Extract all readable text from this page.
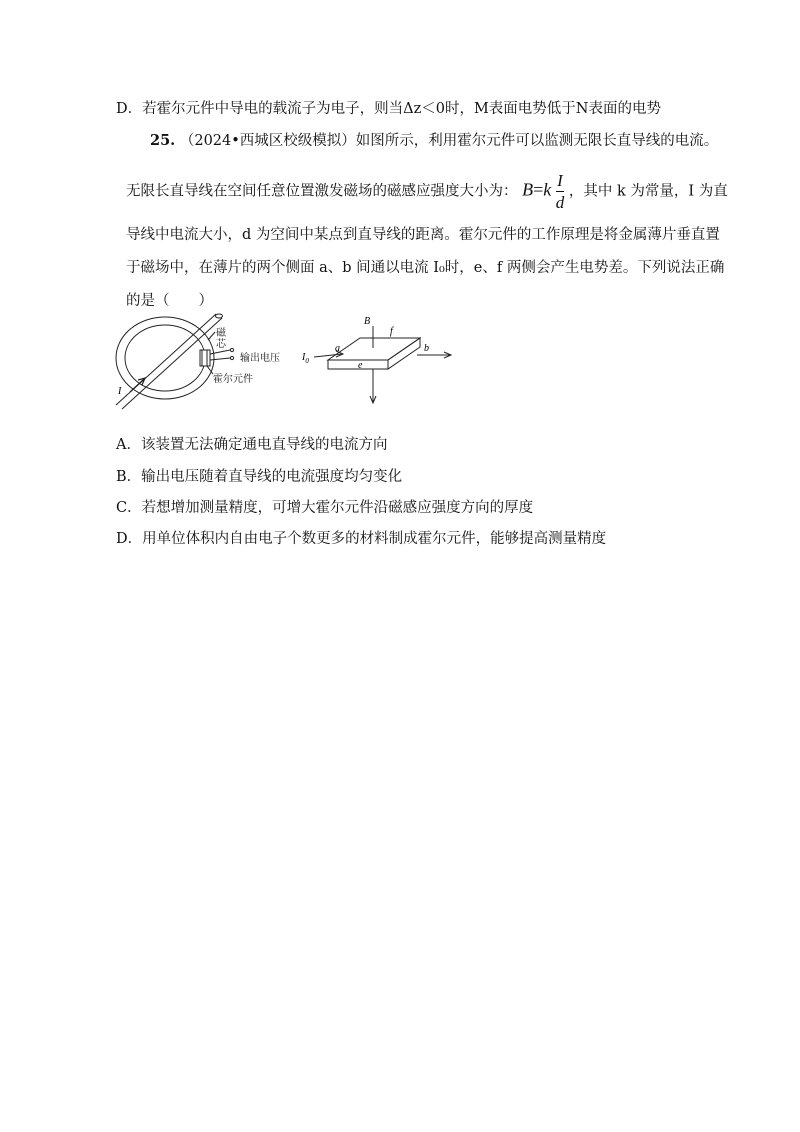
D．若霍尔元件中导电的载流子为电子，则当Δz＜0时，M表面电势低于N表面的电势
25. （2024•西城区校级模拟）如图所示，利用霍尔元件可以监测无限长直导线的电流。
无限长直导线在空间任意位置激发磁场的磁感应强度大小为： $B=k \frac{I}{d}$ ，其中 k 为常量，I 为直
导线中电流大小，d 为空间中某点到直导线的距离。霍尔元件的工作原理是将金属薄片垂直置
于磁场中，在薄片的两个侧面 a、b 间通以电流 I₀时，e、f 两侧会产生电势差。下列说法正确
的是（　　）
I
磁
芯
输出电压
霍尔元件
B
f
a	b
e
$I_0$
A．该装置无法确定通电直导线的电流方向
B．输出电压随着直导线的电流强度均匀变化
C．若想增加测量精度，可增大霍尔元件沿磁感应强度方向的厚度
D．用单位体积内自由电子个数更多的材料制成霍尔元件，能够提高测量精度
